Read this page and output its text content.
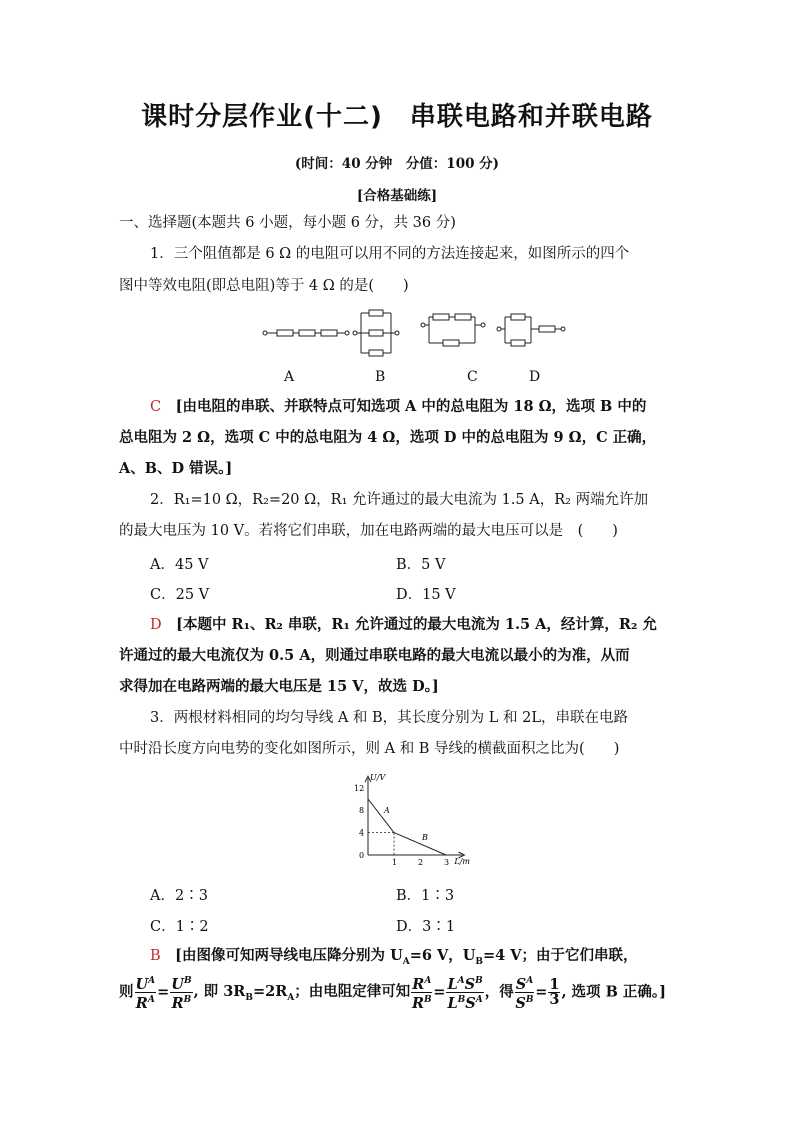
课时分层作业(十二)　串联电路和并联电路
(时间：40 分钟　分值：100 分)
[合格基础练]
一、选择题(本题共 6 小题，每小题 6 分，共 36 分)
1．三个阻值都是 6 Ω 的电阻可以用不同的方法连接起来，如图所示的四个
图中等效电阻(即总电阻)等于 4 Ω 的是(　　)
A	B	C	D
C　 [由电阻的串联、并联特点可知选项 A 中的总电阻为 18 Ω，选项 B 中的
总电阻为 2 Ω，选项 C 中的总电阻为 4 Ω，选项 D 中的总电阻为 9 Ω，C 正确，
A、B、D 错误。]
2．R₁=10 Ω，R₂=20 Ω，R₁ 允许通过的最大电流为 1.5 A，R₂ 两端允许加
的最大电压为 10 V。若将它们串联，加在电路两端的最大电压可以是　(　　)
A．45 V	B．5 V
C．25 V	D．15 V
D　 [本题中 R₁、R₂ 串联，R₁ 允许通过的最大电流为 1.5 A，经计算，R₂ 允
许通过的最大电流仅为 0.5 A，则通过串联电路的最大电流以最小的为准，从而
求得加在电路两端的最大电压是 15 V，故选 D。]
3．两根材料相同的均匀导线 A 和 B，其长度分别为 L 和 2L，串联在电路
中时沿长度方向电势的变化如图所示，则 A 和 B 导线的横截面积之比为(　　)
U/V
L/m
0
1	2	3
4
8
12
A
B
A．2∶3	B．1∶3
C．1∶2	D．3∶1
B　 [由图像可知两导线电压降分别为 $U_A=6$ V，$U_B=4$ V；由于它们串联，
则 $\frac{U^A}{R^A} = \frac{U^B}{R^B}$ , 即 $3R_B=2R_A$；由电阻定律可知 $\frac{R^A}{R^B} = \frac{L^AS^B}{L^BS^A}$ ，得 $\frac{S^A}{S^B} = \frac{1}{3}$ , 选项 B 正确。]
